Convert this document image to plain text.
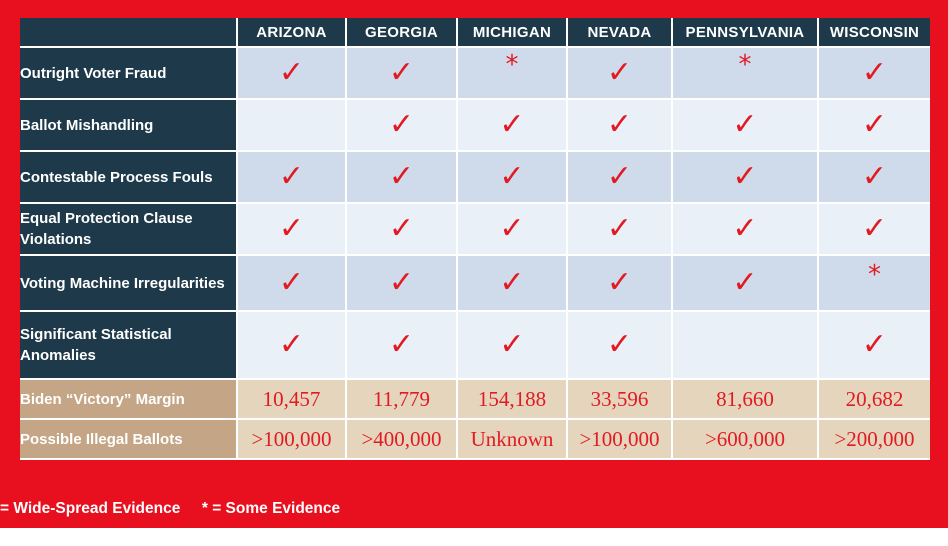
	ARIZONA	GEORGIA	MICHIGAN	NEVADA	PENNSYLVANIA	WISCONSIN
Outright Voter Fraud	✓	✓	*	✓	*	✓
Ballot Mishandling		✓	✓	✓	✓	✓
Contestable Process Fouls	✓	✓	✓	✓	✓	✓
Equal Protection Clause Violations	✓	✓	✓	✓	✓	✓
Voting Machine Irregularities	✓	✓	✓	✓	✓	*
Significant Statistical Anomalies	✓	✓	✓	✓		✓
Biden “Victory” Margin	10,457	11,779	154,188	33,596	81,660	20,682
Possible Illegal Ballots	>100,000	>400,000	Unknown	>100,000	>600,000	>200,000
= Wide-Spread Evidence     * = Some Evidence
